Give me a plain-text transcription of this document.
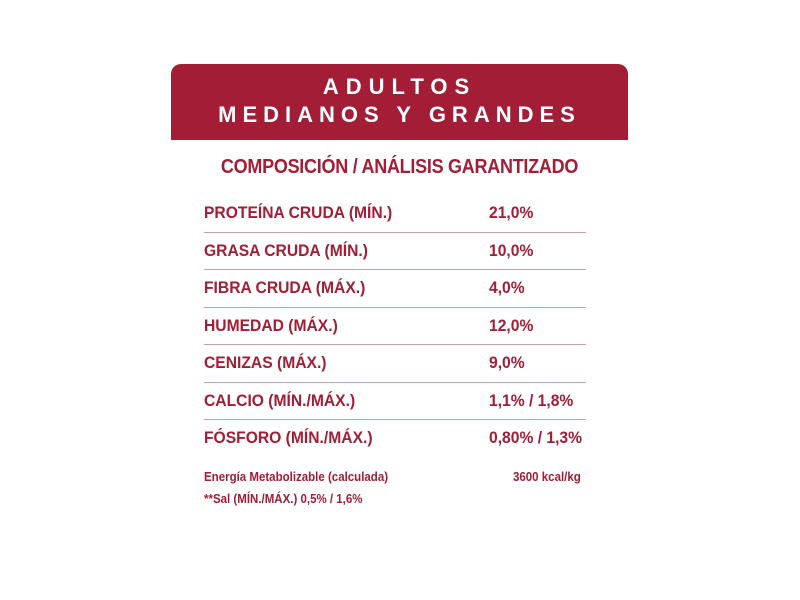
ADULTOS
MEDIANOS Y GRANDES
COMPOSICIÓN / ANÁLISIS GARANTIZADO
PROTEÍNA CRUDA (MÍN.)	21,0%
GRASA CRUDA (MÍN.)	10,0%
FIBRA CRUDA (MÁX.)	4,0%
HUMEDAD (MÁX.)	12,0%
CENIZAS (MÁX.)	9,0%
CALCIO (MÍN./MÁX.)	1,1% / 1,8%
FÓSFORO (MÍN./MÁX.)	0,80% / 1,3%
Energía Metabolizable (calculada)	3600 kcal/kg
**Sal (MÍN./MÁX.) 0,5% / 1,6%
